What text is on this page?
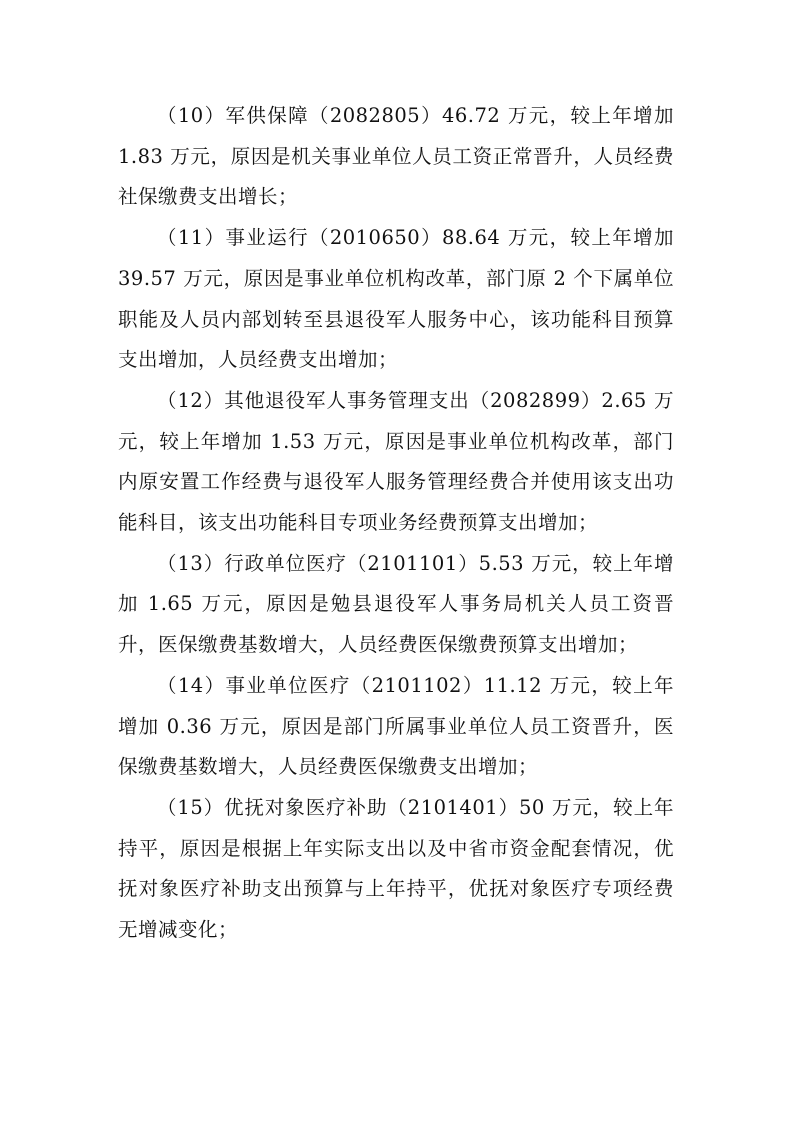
（10）军供保障（2082805）46.72 万元，较上年增加 1.83 万元，原因是机关事业单位人员工资正常晋升，人员经费社保缴费支出增长；

（11）事业运行（2010650）88.64 万元，较上年增加 39.57 万元，原因是事业单位机构改革，部门原 2 个下属单位职能及人员内部划转至县退役军人服务中心，该功能科目预算支出增加，人员经费支出增加；

（12）其他退役军人事务管理支出（2082899）2.65 万元，较上年增加 1.53 万元，原因是事业单位机构改革，部门内原安置工作经费与退役军人服务管理经费合并使用该支出功能科目，该支出功能科目专项业务经费预算支出增加；

（13）行政单位医疗（2101101）5.53 万元，较上年增加 1.65 万元，原因是勉县退役军人事务局机关人员工资晋升，医保缴费基数增大，人员经费医保缴费预算支出增加；

（14）事业单位医疗（2101102）11.12 万元，较上年增加 0.36 万元，原因是部门所属事业单位人员工资晋升，医保缴费基数增大，人员经费医保缴费支出增加；

（15）优抚对象医疗补助（2101401）50 万元，较上年持平，原因是根据上年实际支出以及中省市资金配套情况，优抚对象医疗补助支出预算与上年持平，优抚对象医疗专项经费无增减变化；
